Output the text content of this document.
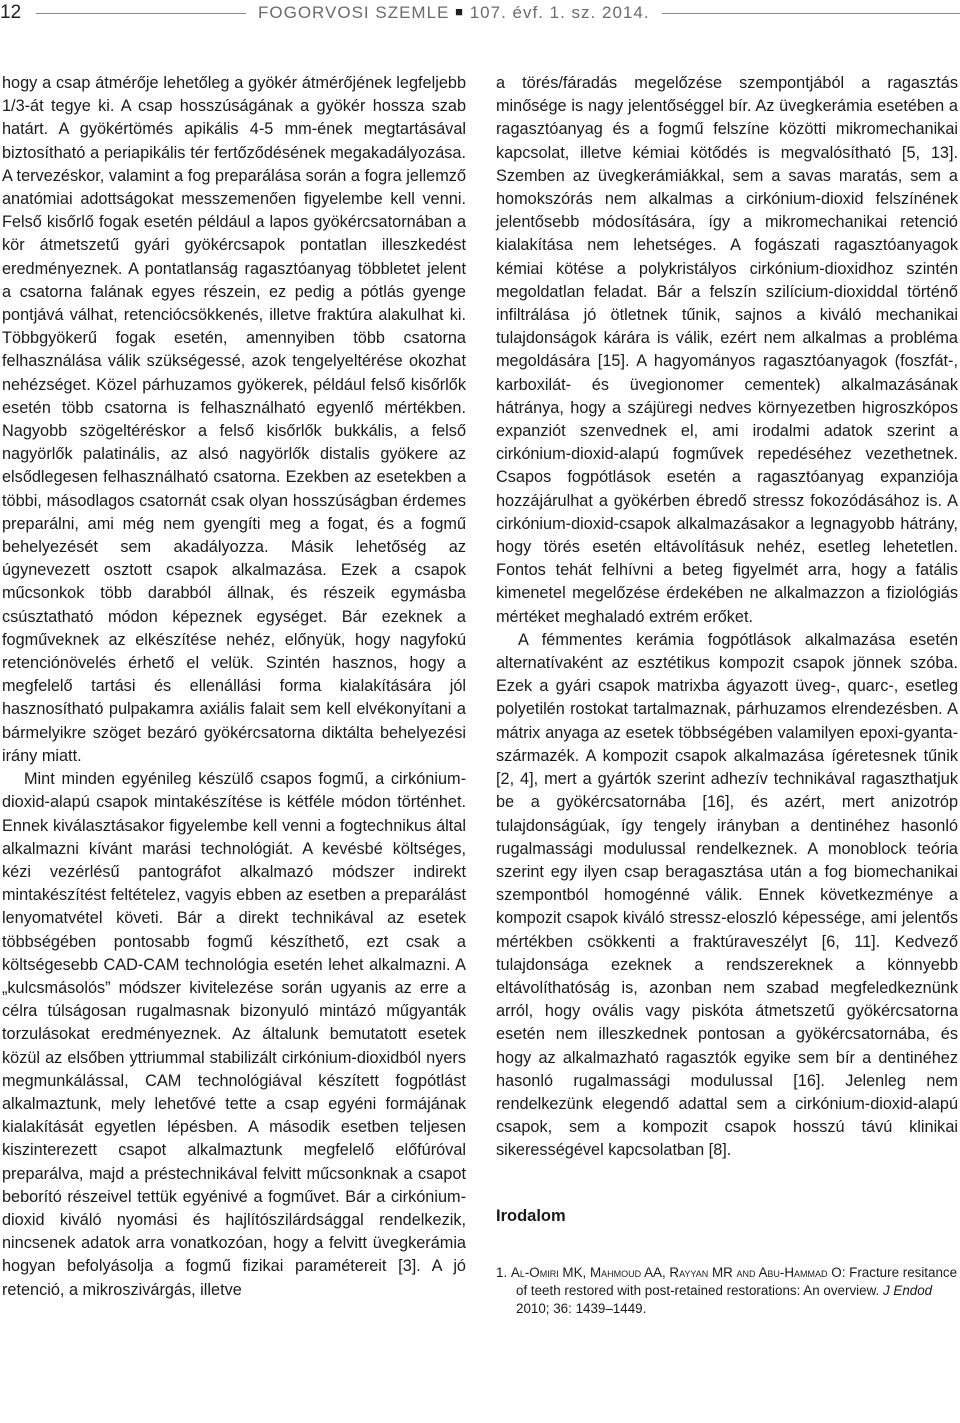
12	FOGORVOSI SZEMLE ■ 107. évf. 1. sz. 2014.

hogy a csap átmérője lehetőleg a gyökér átmérőjének legfeljebb 1/3-át tegye ki. A csap hosszúságának a gyökér hossza szab határt. A gyökértömés apikális 4-5 mm-ének megtartásával biztosítható a periapikális tér fertőződésének megakadályozása. A tervezéskor, valamint a fog preparálása során a fogra jellemző anatómiai adottságokat messzemenően figyelembe kell venni. Felső kisőrlő fogak esetén például a lapos gyökércsatornában a kör átmetszetű gyári gyökércsapok pontatlan illeszkedést eredményeznek. A pontatlanság ragasztóanyag többletet jelent a csatorna falának egyes részein, ez pedig a pótlás gyenge pontjává válhat, retenciócsökkenés, illetve fraktúra alakulhat ki. Többgyökerű fogak esetén, amennyiben több csatorna felhasználása válik szükségessé, azok tengelyeltérése okozhat nehézséget. Közel párhuzamos gyökerek, például felső kisőrlők esetén több csatorna is felhasználható egyenlő mértékben. Nagyobb szögeltéréskor a felső kisőrlők bukkális, a felső nagyörlők palatinális, az alsó nagyörlők distalis gyökere az elsődlegesen felhasználható csatorna. Ezekben az esetekben a többi, másodlagos csatornát csak olyan hosszúságban érdemes preparálni, ami még nem gyengíti meg a fogat, és a fogmű behelyezését sem akadályozza. Másik lehetőség az úgynevezett osztott csapok alkalmazása. Ezek a csapok műcsonkok több darabból állnak, és részeik egymásba csúsztatható módon képeznek egységet. Bár ezeknek a fogműveknek az elkészítése nehéz, előnyük, hogy nagyfokú retenciónövelés érhető el velük. Szintén hasznos, hogy a megfelelő tartási és ellenállási forma kialakítására jól hasznosítható pulpakamra axiális falait sem kell elvékonyítani a bármelyikre szöget bezáró gyökércsatorna diktálta behelyezési irány miatt.

Mint minden egyénileg készülő csapos fogmű, a cirkónium-dioxid-alapú csapok mintakészítése is kétféle módon történhet. Ennek kiválasztásakor figyelembe kell venni a fogtechnikus által alkalmazni kívánt marási technológiát. A kevésbé költséges, kézi vezérlésű pantográfot alkalmazó módszer indirekt mintakészítést feltételez, vagyis ebben az esetben a preparálást lenyomatvétel követi. Bár a direkt technikával az esetek többségében pontosabb fogmű készíthető, ezt csak a költségesebb CAD-CAM technológia esetén lehet alkalmazni. A „kulcsmásolós” módszer kivitelezése során ugyanis az erre a célra túlságosan rugalmasnak bizonyuló mintázó műgyanták torzulásokat eredményeznek. Az általunk bemutatott esetek közül az elsőben yttriummal stabilizált cirkónium-dioxidból nyers megmunkálással, CAM technológiával készített fogpótlást alkalmaztunk, mely lehetővé tette a csap egyéni formájának kialakítását egyetlen lépésben. A második esetben teljesen kiszinterezett csapot alkalmaztunk megfelelő előfúróval preparálva, majd a préstechnikával felvitt műcsonknak a csapot beborító részeivel tettük egyénivé a fogművet. Bár a cirkónium-dioxid kiváló nyomási és hajlítószilárdsággal rendelkezik, nincsenek adatok arra vonatkozóan, hogy a felvitt üvegkerámia hogyan befolyásolja a fogmű fizikai paramétereit [3]. A jó retenció, a mikroszivárgás, illetve

a törés/fáradás megelőzése szempontjából a ragasztás minősége is nagy jelentőséggel bír. Az üvegkerámia esetében a ragasztóanyag és a fogmű felszíne közötti mikromechanikai kapcsolat, illetve kémiai kötődés is megvalósítható [5, 13]. Szemben az üvegkerámiákkal, sem a savas maratás, sem a homokszórás nem alkalmas a cirkónium-dioxid felszínének jelentősebb módosítására, így a mikromechanikai retenció kialakítása nem lehetséges. A fogászati ragasztóanyagok kémiai kötése a polykristályos cirkónium-dioxidhoz szintén megoldatlan feladat. Bár a felszín szilícium-dioxiddal történő infiltrálása jó ötletnek tűnik, sajnos a kiváló mechanikai tulajdonságok kárára is válik, ezért nem alkalmas a probléma megoldására [15]. A hagyományos ragasztóanyagok (foszfát-, karboxilát- és üvegionomer cementek) alkalmazásának hátránya, hogy a szájüregi nedves környezetben higroszkópos expanziót szenvednek el, ami irodalmi adatok szerint a cirkónium-dioxid-alapú fogművek repedéséhez vezethetnek. Csapos fogpótlások esetén a ragasztóanyag expanziója hozzájárulhat a gyökérben ébredő stressz fokozódásához is. A cirkónium-dioxid-csapok alkalmazásakor a legnagyobb hátrány, hogy törés esetén eltávolításuk nehéz, esetleg lehetetlen. Fontos tehát felhívni a beteg figyelmét arra, hogy a fatális kimenetel megelőzése érdekében ne alkalmazzon a fiziológiás mértéket meghaladó extrém erőket.

A fémmentes kerámia fogpótlások alkalmazása esetén alternatívaként az esztétikus kompozit csapok jönnek szóba. Ezek a gyári csapok matrixba ágyazott üveg-, quarc-, esetleg polyetilén rostokat tartalmaznak, párhuzamos elrendezésben. A mátrix anyaga az esetek többségében valamilyen epoxi-gyanta-származék. A kompozit csapok alkalmazása ígéretesnek tűnik [2, 4], mert a gyártók szerint adhezív technikával ragaszthatjuk be a gyökércsatornába [16], és azért, mert anizotróp tulajdonságúak, így tengely irányban a dentinéhez hasonló rugalmassági modulussal rendelkeznek. A monoblock teória szerint egy ilyen csap beragasztása után a fog biomechanikai szempontból homogénné válik. Ennek következménye a kompozit csapok kiváló stressz-eloszló képessége, ami jelentős mértékben csökkenti a fraktúraveszélyt [6, 11]. Kedvező tulajdonsága ezeknek a rendszereknek a könnyebb eltávolíthatóság is, azonban nem szabad megfeledkeznünk arról, hogy ovális vagy piskóta átmetszetű gyökércsatorna esetén nem illeszkednek pontosan a gyökércsatornába, és hogy az alkalmazható ragasztók egyike sem bír a dentinéhez hasonló rugalmassági modulussal [16]. Jelenleg nem rendelkezünk elegendő adattal sem a cirkónium-dioxid-alapú csapok, sem a kompozit csapok hosszú távú klinikai sikerességével kapcsolatban [8].

Irodalom

1. Al-Omiri MK, Mahmoud AA, Rayyan MR and Abu-Hammad O: Fracture resitance of teeth restored with post-retained restorations: An overview. J Endod 2010; 36: 1439–1449.
